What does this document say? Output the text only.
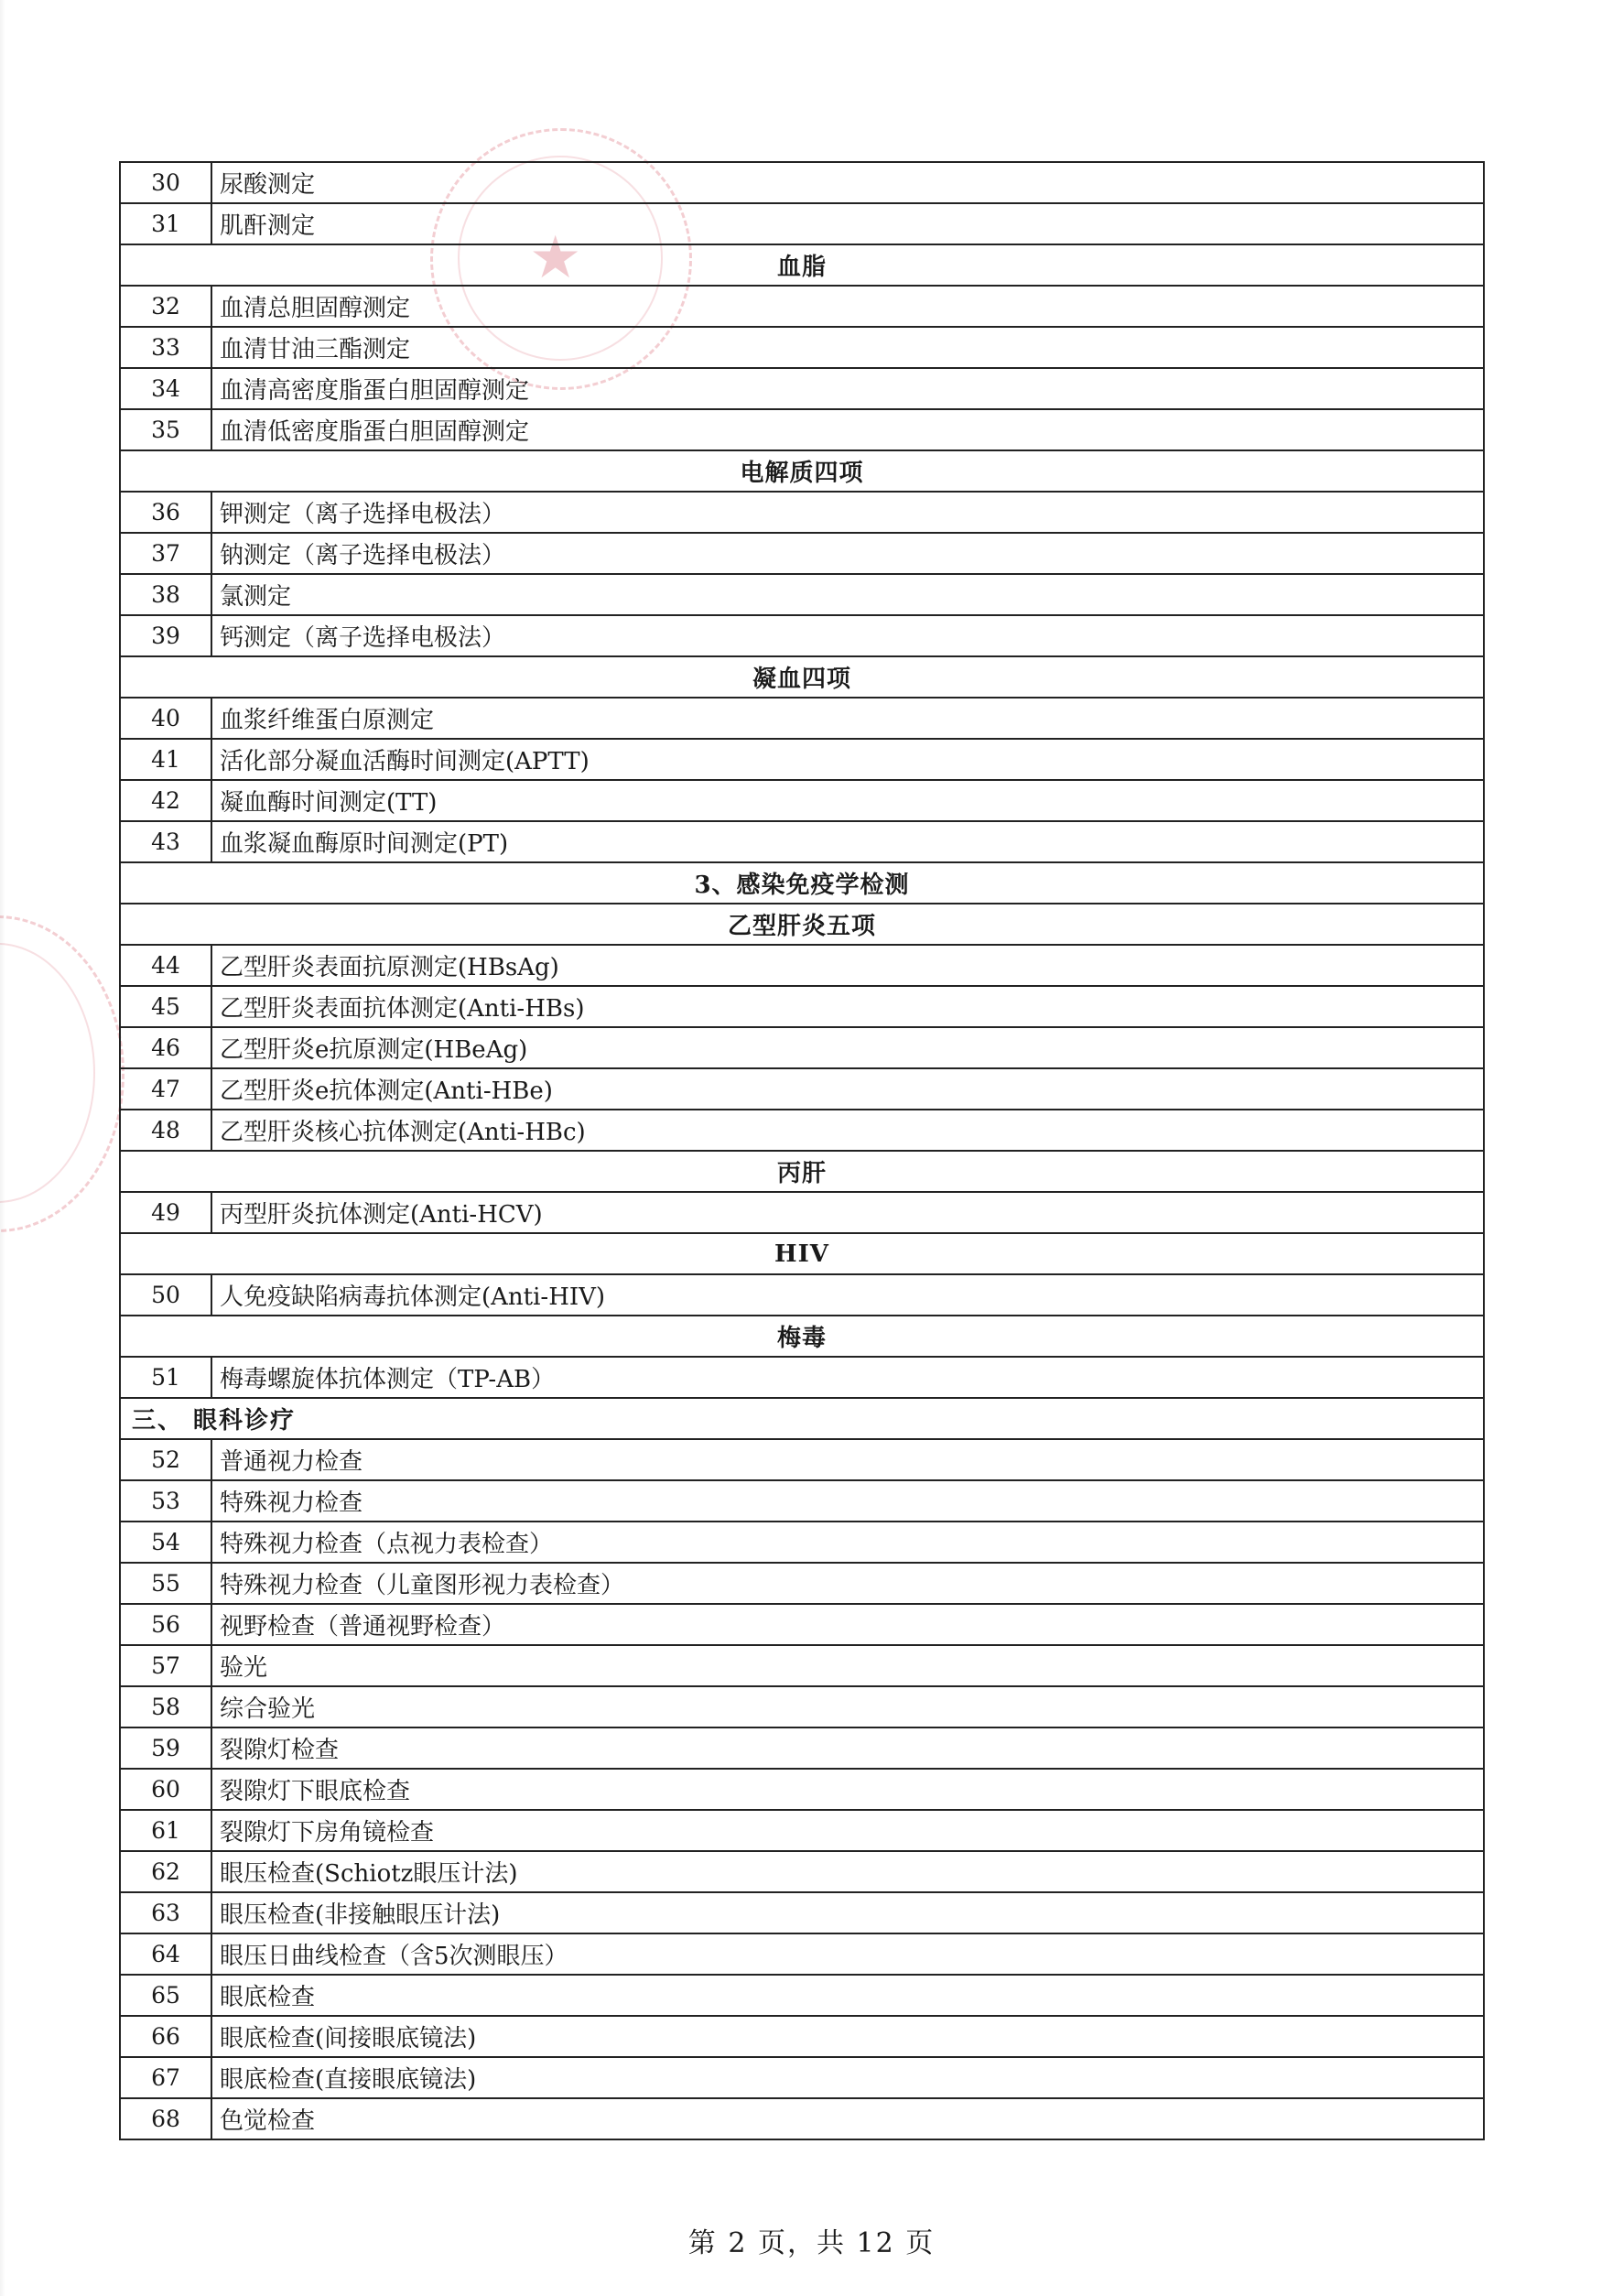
★
30	尿酸测定
31	肌酐测定
血脂
32	血清总胆固醇测定
33	血清甘油三酯测定
34	血清高密度脂蛋白胆固醇测定
35	血清低密度脂蛋白胆固醇测定
电解质四项
36	钾测定（离子选择电极法）
37	钠测定（离子选择电极法）
38	氯测定
39	钙测定（离子选择电极法）
凝血四项
40	血浆纤维蛋白原测定
41	活化部分凝血活酶时间测定(APTT)
42	凝血酶时间测定(TT)
43	血浆凝血酶原时间测定(PT)
3、感染免疫学检测
乙型肝炎五项
44	乙型肝炎表面抗原测定(HBsAg)
45	乙型肝炎表面抗体测定(Anti-HBs)
46	乙型肝炎e抗原测定(HBeAg)
47	乙型肝炎e抗体测定(Anti-HBe)
48	乙型肝炎核心抗体测定(Anti-HBc)
丙肝
49	丙型肝炎抗体测定(Anti-HCV)
HIV
50	人免疫缺陷病毒抗体测定(Anti-HIV)
梅毒
51	梅毒螺旋体抗体测定（TP-AB）
三、 眼科诊疗
52	普通视力检查
53	特殊视力检查
54	特殊视力检查（点视力表检查）
55	特殊视力检查（儿童图形视力表检查）
56	视野检查（普通视野检查）
57	验光
58	综合验光
59	裂隙灯检查
60	裂隙灯下眼底检查
61	裂隙灯下房角镜检查
62	眼压检查(Schiotz眼压计法)
63	眼压检查(非接触眼压计法)
64	眼压日曲线检查（含5次测眼压）
65	眼底检查
66	眼底检查(间接眼底镜法)
67	眼底检查(直接眼底镜法)
68	色觉检查
第 2 页，共 12 页
